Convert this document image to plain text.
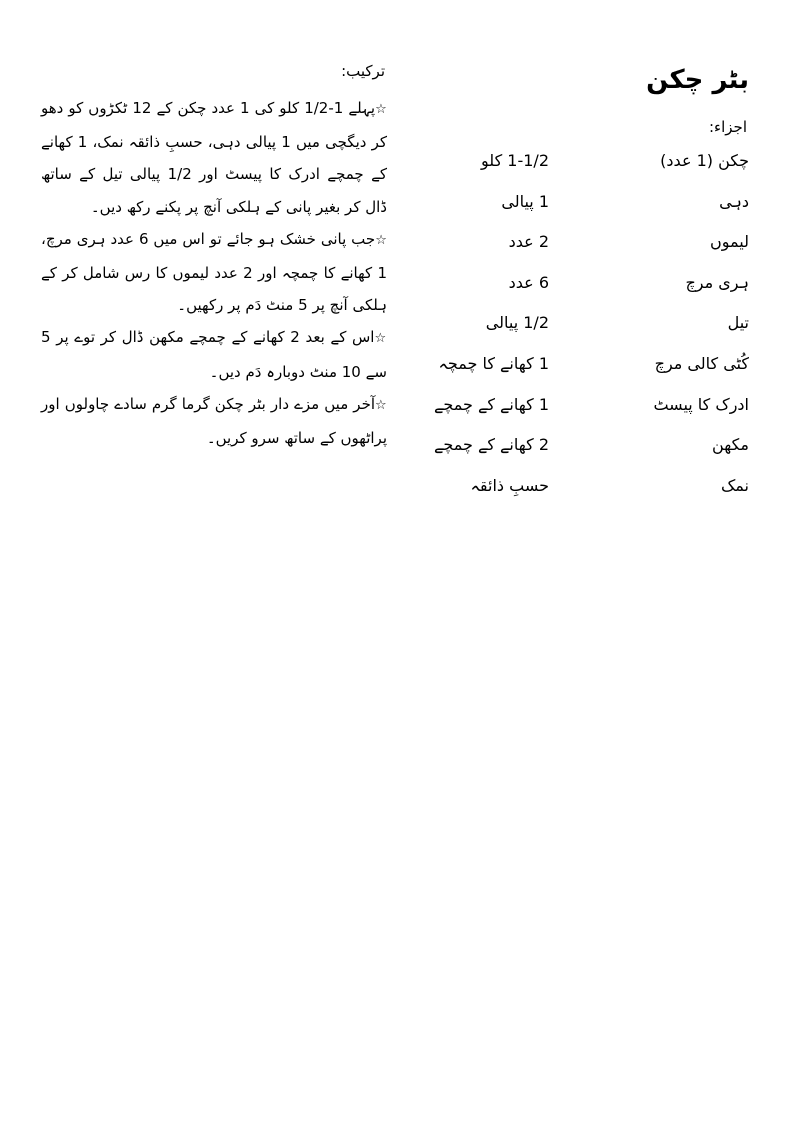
بٹر چکن
اجزاء:
چکن (1 عدد)
1-1/2 کلو
دہی
1 پیالی
لیموں
2 عدد
ہری مرچ
6 عدد
تیل
1/2 پیالی
کُٹی کالی مرچ
1 کھانے کا چمچہ
ادرک کا پیسٹ
1 کھانے کے چمچے
مکھن
2 کھانے کے چمچے
نمک
حسبِ ذائقہ
ترکیب:

☆پہلے 1-1/2 کلو کی 1 عدد چکن کے 12 ٹکڑوں کو دھو کر دیگچی میں 1 پیالی دہی، حسبِ ذائقہ نمک، 1 کھانے کے چمچے ادرک کا پیسٹ اور 1/2 پیالی تیل کے ساتھ ڈال کر بغیر پانی کے ہلکی آنچ پر پکنے رکھ دیں۔

☆جب پانی خشک ہو جائے تو اس میں 6 عدد ہری مرچ، 1 کھانے کا چمچہ اور 2 عدد لیموں کا رس شامل کر کے ہلکی آنچ پر 5 منٹ دَم پر رکھیں۔

☆اس کے بعد 2 کھانے کے چمچے مکھن ڈال کر توے پر 5 سے 10 منٹ دوبارہ دَم دیں۔

☆آخر میں مزے دار بٹر چکن گرما گرم سادے چاولوں اور پراٹھوں کے ساتھ سرو کریں۔
